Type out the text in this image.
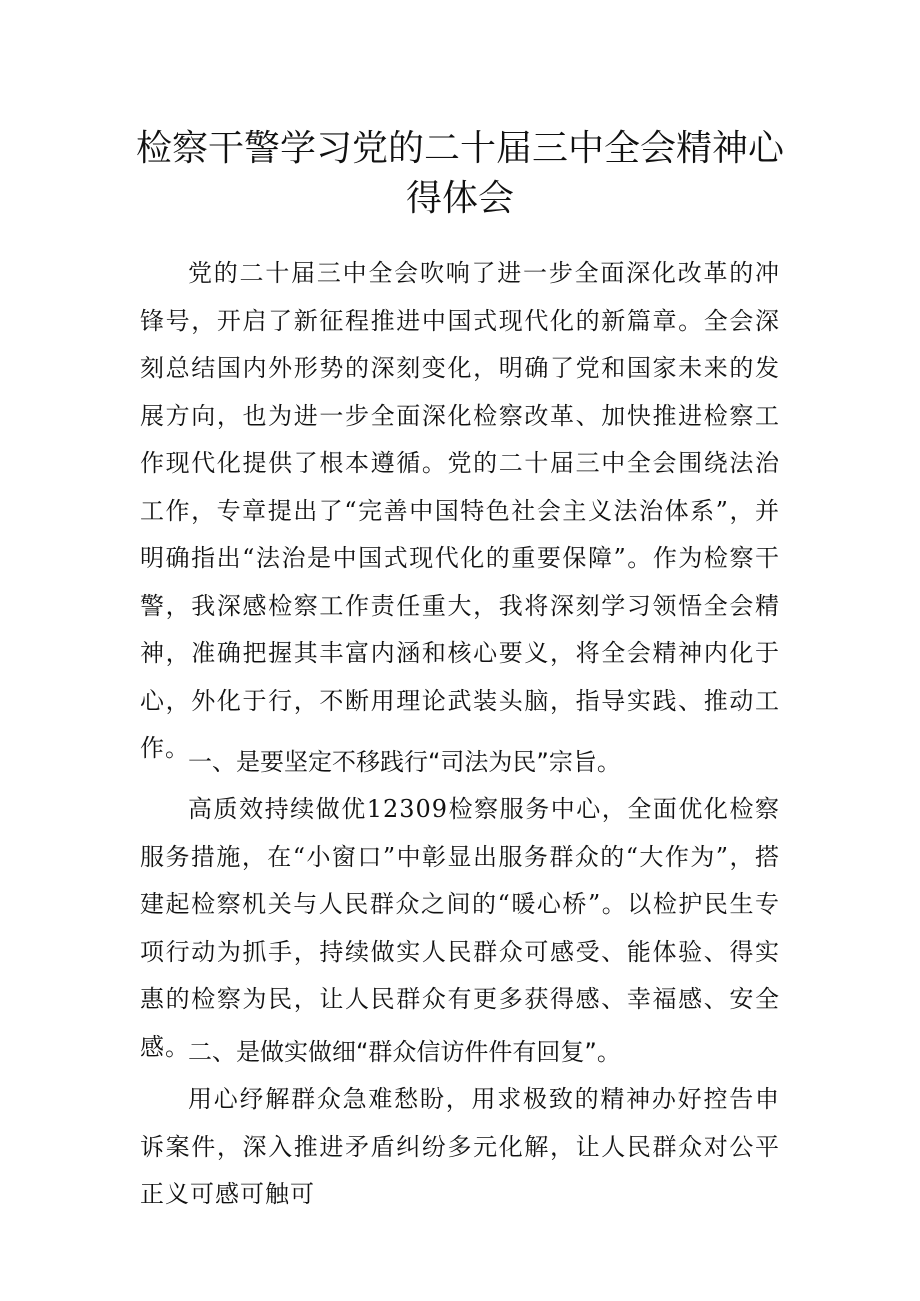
检察干警学习党的二十届三中全会精神心得体会

党的二十届三中全会吹响了进一步全面深化改革的冲锋号，开启了新征程推进中国式现代化的新篇章。全会深刻总结国内外形势的深刻变化，明确了党和国家未来的发展方向，也为进一步全面深化检察改革、加快推进检察工作现代化提供了根本遵循。党的二十届三中全会围绕法治工作，专章提出了“完善中国特色社会主义法治体系”，并明确指出“法治是中国式现代化的重要保障”。作为检察干警，我深感检察工作责任重大，我将深刻学习领悟全会精神，准确把握其丰富内涵和核心要义，将全会精神内化于心，外化于行，不断用理论武装头脑，指导实践、推动工作。

一、是要坚定不移践行“司法为民”宗旨。

高质效持续做优12309检察服务中心，全面优化检察服务措施，在“小窗口”中彰显出服务群众的“大作为”，搭建起检察机关与人民群众之间的“暖心桥”。以检护民生专项行动为抓手，持续做实人民群众可感受、能体验、得实惠的检察为民，让人民群众有更多获得感、幸福感、安全感。

二、是做实做细“群众信访件件有回复”。

用心纾解群众急难愁盼，用求极致的精神办好控告申诉案件，深入推进矛盾纠纷多元化解，让人民群众对公平正义可感可触可
